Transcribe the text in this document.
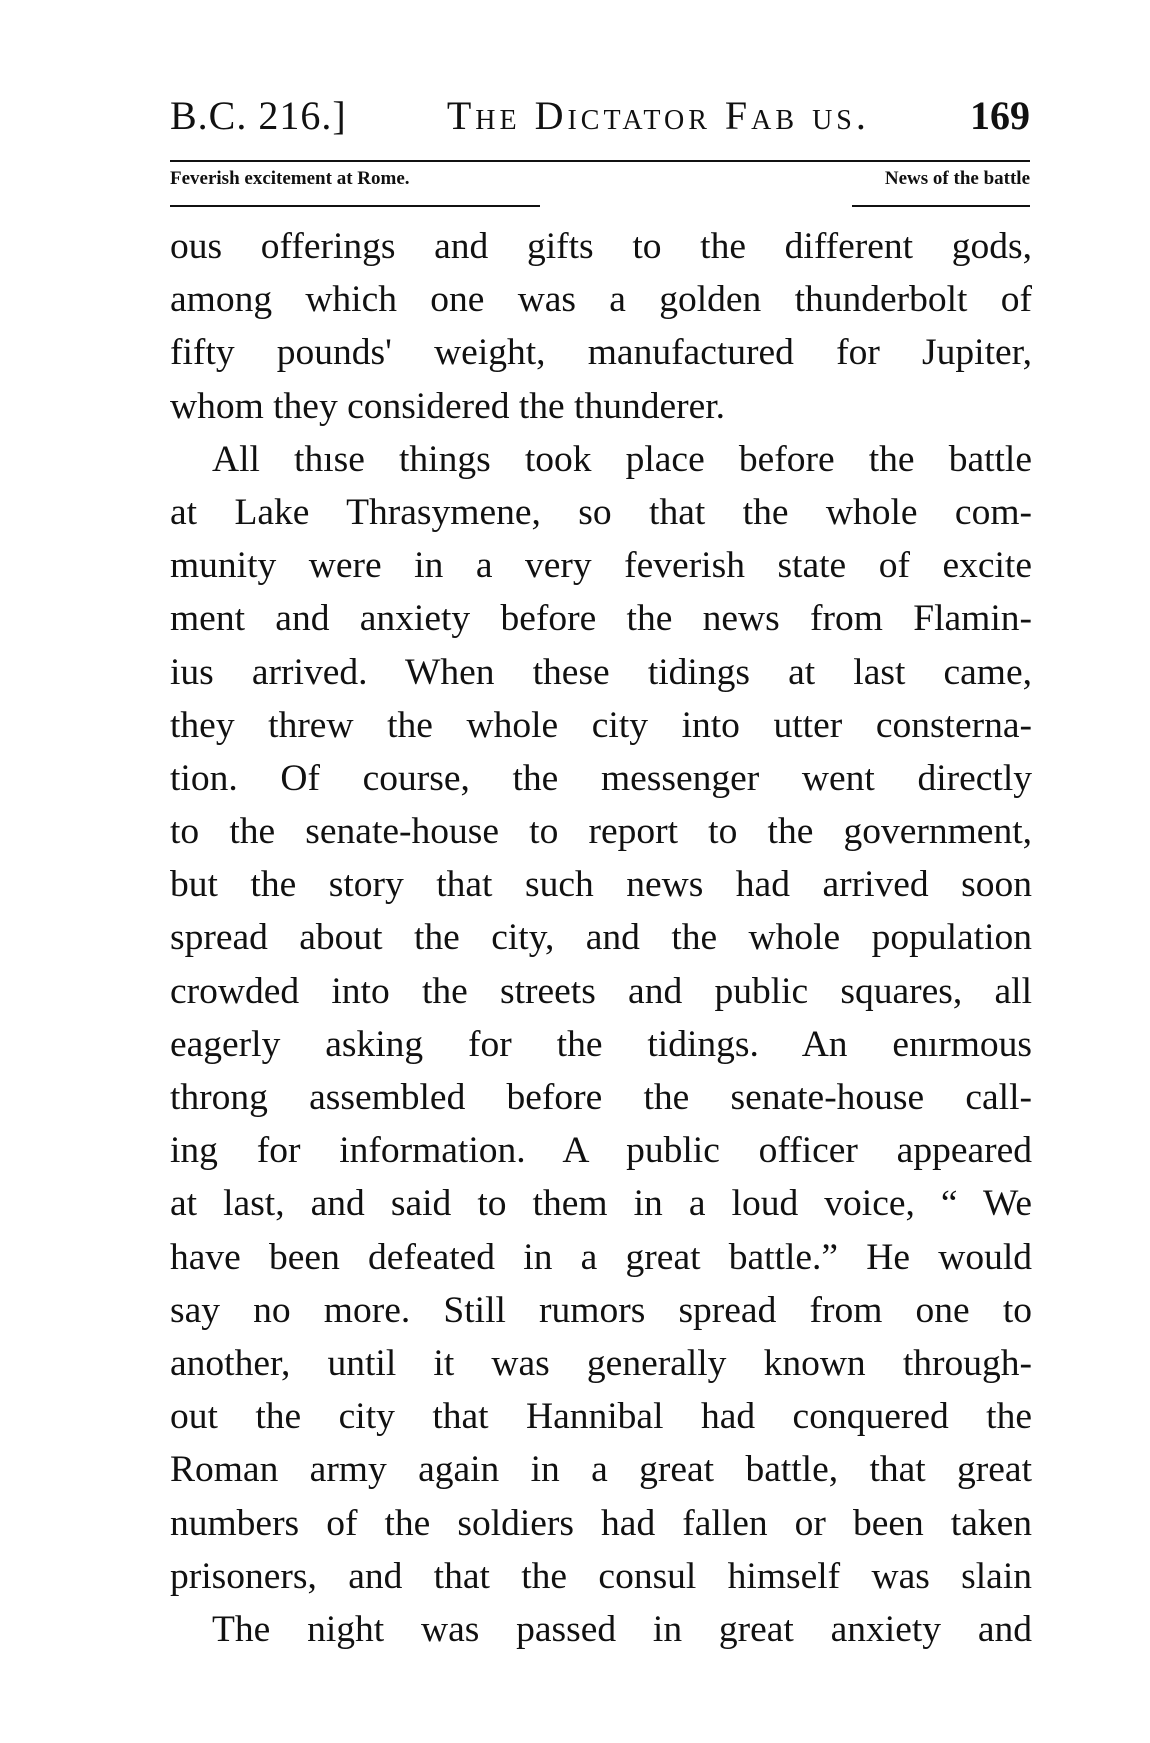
B.C. 216.]	The Dictator Fab us.	169
Feverish excitement at Rome.	News of the battle
ous offerings and gifts to the different gods,
among which one was a golden thunderbolt of
fifty pounds' weight, manufactured for Jupiter,
whom they considered the thunderer.
All thıse things took place before the battle
at Lake Thrasymene, so that the whole com-
munity were in a very feverish state of excite
ment and anxiety before the news from Flamin-
ius arrived. When these tidings at last came,
they threw the whole city into utter consterna-
tion. Of course, the messenger went directly
to the senate-house to report to the government,
but the story that such news had arrived soon
spread about the city, and the whole population
crowded into the streets and public squares, all
eagerly asking for the tidings. An enırmous
throng assembled before the senate-house call-
ing for information. A public officer appeared
at last, and said to them in a loud voice, “ We
have been defeated in a great battle.” He would
say no more. Still rumors spread from one to
another, until it was generally known through-
out the city that Hannibal had conquered the
Roman army again in a great battle, that great
numbers of the soldiers had fallen or been taken
prisoners, and that the consul himself was slain
The night was passed in great anxiety and
